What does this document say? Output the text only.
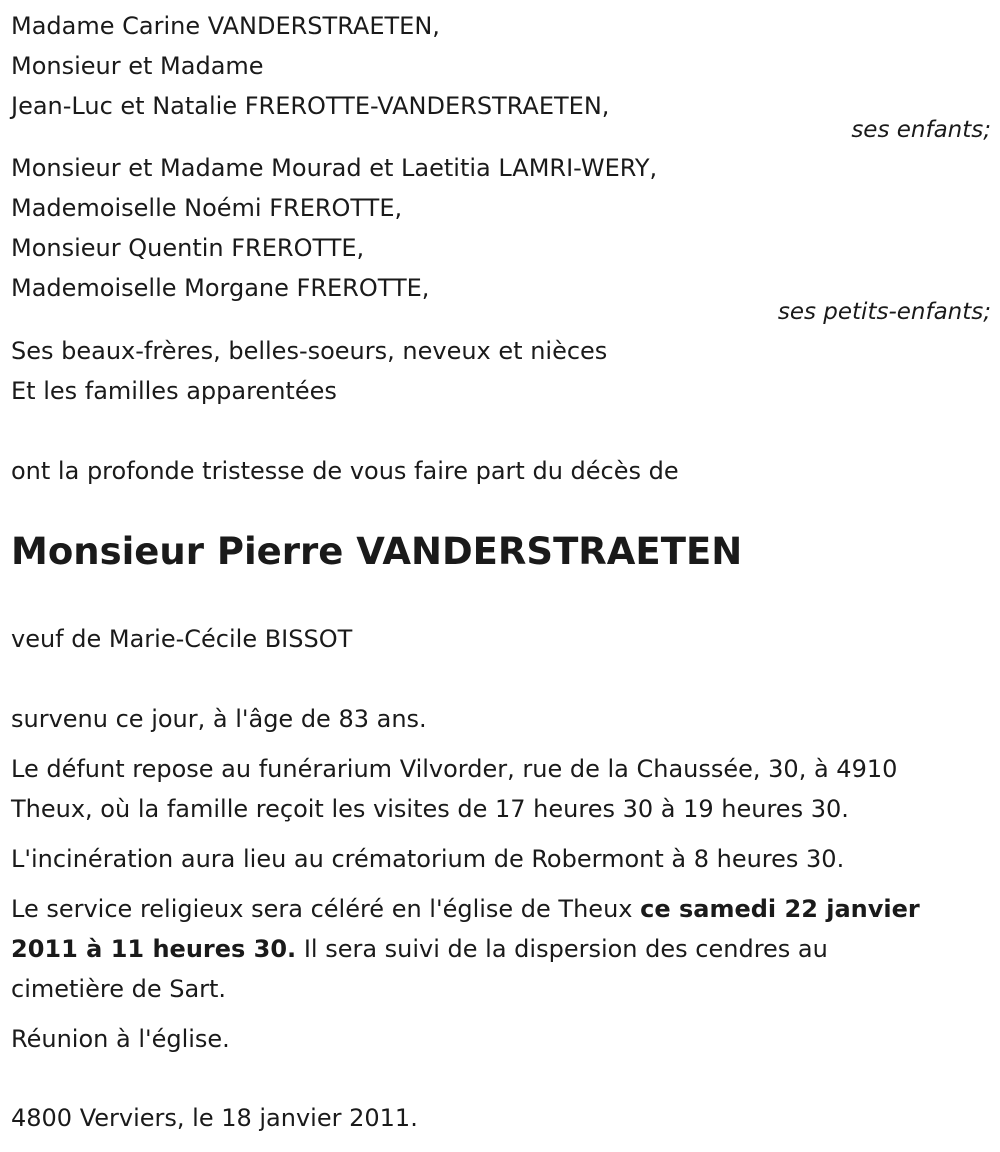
Madame Carine VANDERSTRAETEN,
Monsieur et Madame
Jean-Luc et Natalie FREROTTE-VANDERSTRAETEN,
ses enfants;
Monsieur et Madame Mourad et Laetitia LAMRI-WERY,
Mademoiselle Noémi FREROTTE,
Monsieur Quentin FREROTTE,
Mademoiselle Morgane FREROTTE,
ses petits-enfants;
Ses beaux-frères, belles-soeurs, neveux et nièces
Et les familles apparentées
ont la profonde tristesse de vous faire part du décès de
Monsieur Pierre VANDERSTRAETEN
veuf de Marie-Cécile BISSOT
survenu ce jour, à l'âge de 83 ans.
Le défunt repose au funérarium Vilvorder, rue de la Chaussée, 30, à 4910
Theux, où la famille reçoit les visites de 17 heures 30 à 19 heures 30.
L'incinération aura lieu au crématorium de Robermont à 8 heures 30.
Le service religieux sera céléré en l'église de Theux ce samedi 22 janvier
2011 à 11 heures 30. Il sera suivi de la dispersion des cendres au
cimetière de Sart.
Réunion à l'église.
4800 Verviers, le 18 janvier 2011.
